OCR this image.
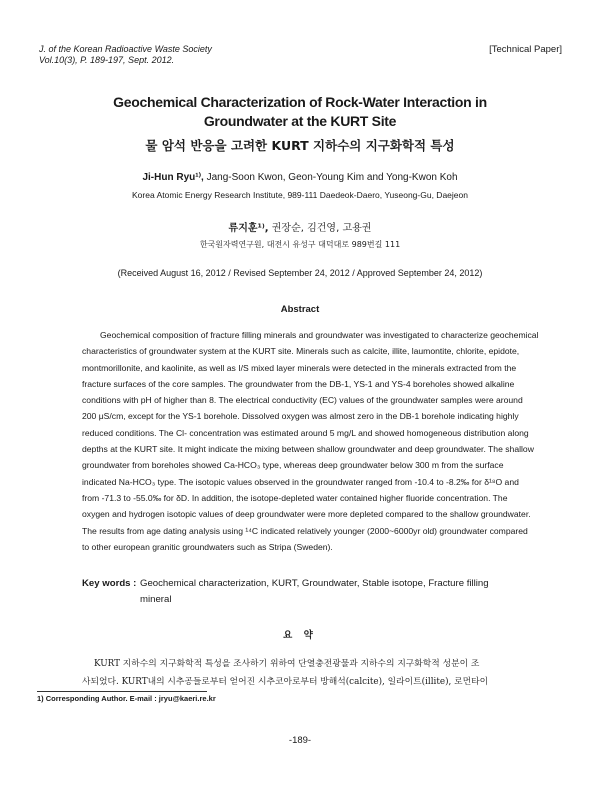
J. of the Korean Radioactive Waste Society
Vol.10(3), P. 189-197, Sept. 2012.
[Technical Paper]
Geochemical Characterization of Rock-Water Interaction in
Groundwater at the KURT Site
물 암석 반응을 고려한 KURT 지하수의 지구화학적 특성
Ji-Hun Ryu¹⁾, Jang-Soon Kwon, Geon-Young Kim and Yong-Kwon Koh
Korea Atomic Energy Research Institute, 989-111 Daedeok-Daero, Yuseong-Gu, Daejeon
류지훈¹⁾, 권장순, 김건영, 고용권
한국원자력연구원, 대전시 유성구 대덕대로 989번길 111
(Received August 16, 2012 / Revised September 24, 2012 / Approved September 24, 2012)
Abstract
Geochemical composition of fracture filling minerals and groundwater was investigated to characterize geochemical
characteristics of groundwater system at the KURT site. Minerals such as calcite, illite, laumontite, chlorite, epidote,
montmorillonite, and kaolinite, as well as I/S mixed layer minerals were detected in the minerals extracted from the
fracture surfaces of the core samples. The groundwater from the DB-1, YS-1 and YS-4 boreholes showed alkaline
conditions with pH of higher than 8. The electrical conductivity (EC) values of the groundwater samples were around
200 μS/cm, except for the YS-1 borehole. Dissolved oxygen was almost zero in the DB-1 borehole indicating highly
reduced conditions. The Cl- concentration was estimated around 5 mg/L and showed homogeneous distribution along
depths at the KURT site. It might indicate the mixing between shallow groundwater and deep groundwater. The shallow
groundwater from boreholes showed Ca-HCO₃ type, whereas deep groundwater below 300 m from the surface
indicated Na-HCO₃ type. The isotopic values observed in the groundwater ranged from -10.4 to -8.2‰ for δ¹⁸O and
from -71.3 to -55.0‰ for δD. In addition, the isotope-depleted water contained higher fluoride concentration. The
oxygen and hydrogen isotopic values of deep groundwater were more depleted compared to the shallow groundwater.
The results from age dating analysis using ¹⁴C indicated relatively younger (2000~6000yr old) groundwater compared
to other european granitic groundwaters such as Stripa (Sweden).
Key words : Geochemical characterization, KURT, Groundwater, Stable isotope, Fracture filling mineral
요 약
KURT 지하수의 지구화학적 특성을 조사하기 위하여 단열충전광물과 지하수의 지구화학적 성분이 조
사되었다. KURT내의 시추공들로부터 얻어진 시추코아로부터 방해석(calcite), 일라이트(illite), 로먼타이
1) Corresponding Author. E-mail : jryu@kaeri.re.kr
-189-
